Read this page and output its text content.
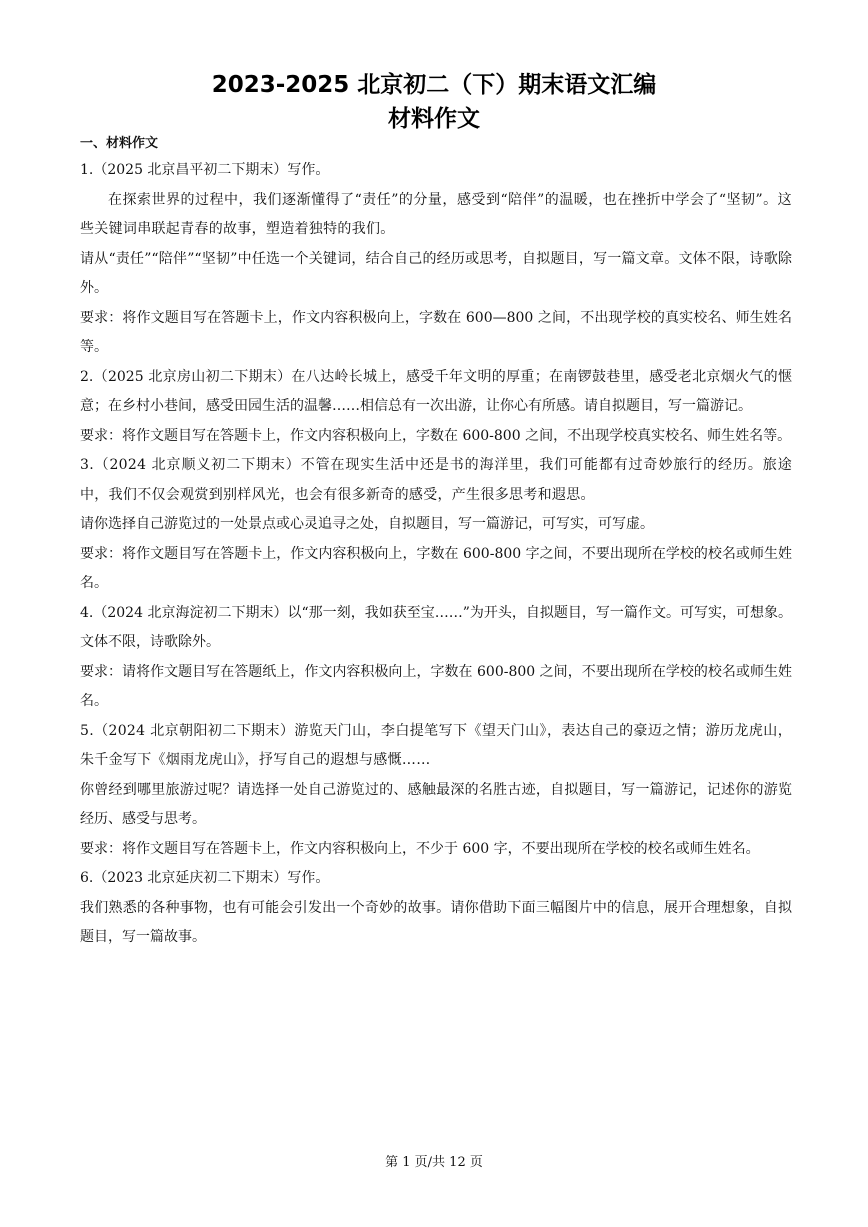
2023-2025 北京初二（下）期末语文汇编
材料作文
一、材料作文

1.（2025 北京昌平初二下期末）写作。

在探索世界的过程中，我们逐渐懂得了“责任”的分量，感受到“陪伴”的温暖，也在挫折中学会了“坚韧”。这些关键词串联起青春的故事，塑造着独特的我们。

请从“责任”“陪伴”“坚韧”中任选一个关键词，结合自己的经历或思考，自拟题目，写一篇文章。文体不限，诗歌除外。

要求：将作文题目写在答题卡上，作文内容积极向上，字数在 600—800 之间，不出现学校的真实校名、师生姓名等。

2.（2025 北京房山初二下期末）在八达岭长城上，感受千年文明的厚重；在南锣鼓巷里，感受老北京烟火气的惬意；在乡村小巷间，感受田园生活的温馨……相信总有一次出游，让你心有所感。请自拟题目，写一篇游记。

要求：将作文题目写在答题卡上，作文内容积极向上，字数在 600-800 之间，不出现学校真实校名、师生姓名等。

3.（2024 北京顺义初二下期末）不管在现实生活中还是书的海洋里，我们可能都有过奇妙旅行的经历。旅途中，我们不仅会观赏到别样风光，也会有很多新奇的感受，产生很多思考和遐思。

请你选择自己游览过的一处景点或心灵追寻之处，自拟题目，写一篇游记，可写实，可写虚。

要求：将作文题目写在答题卡上，作文内容积极向上，字数在 600-800 字之间，不要出现所在学校的校名或师生姓名。

4.（2024 北京海淀初二下期末）以“那一刻，我如获至宝……”为开头，自拟题目，写一篇作文。可写实，可想象。文体不限，诗歌除外。

要求：请将作文题目写在答题纸上，作文内容积极向上，字数在 600-800 之间，不要出现所在学校的校名或师生姓名。

5.（2024 北京朝阳初二下期末）游览天门山，李白提笔写下《望天门山》，表达自己的豪迈之情；游历龙虎山，朱千金写下《烟雨龙虎山》，抒写自己的遐想与感慨……

你曾经到哪里旅游过呢？请选择一处自己游览过的、感触最深的名胜古迹，自拟题目，写一篇游记，记述你的游览经历、感受与思考。

要求：将作文题目写在答题卡上，作文内容积极向上，不少于 600 字，不要出现所在学校的校名或师生姓名。

6.（2023 北京延庆初二下期末）写作。

我们熟悉的各种事物，也有可能会引发出一个奇妙的故事。请你借助下面三幅图片中的信息，展开合理想象，自拟题目，写一篇故事。

第 1 页/共 12 页
